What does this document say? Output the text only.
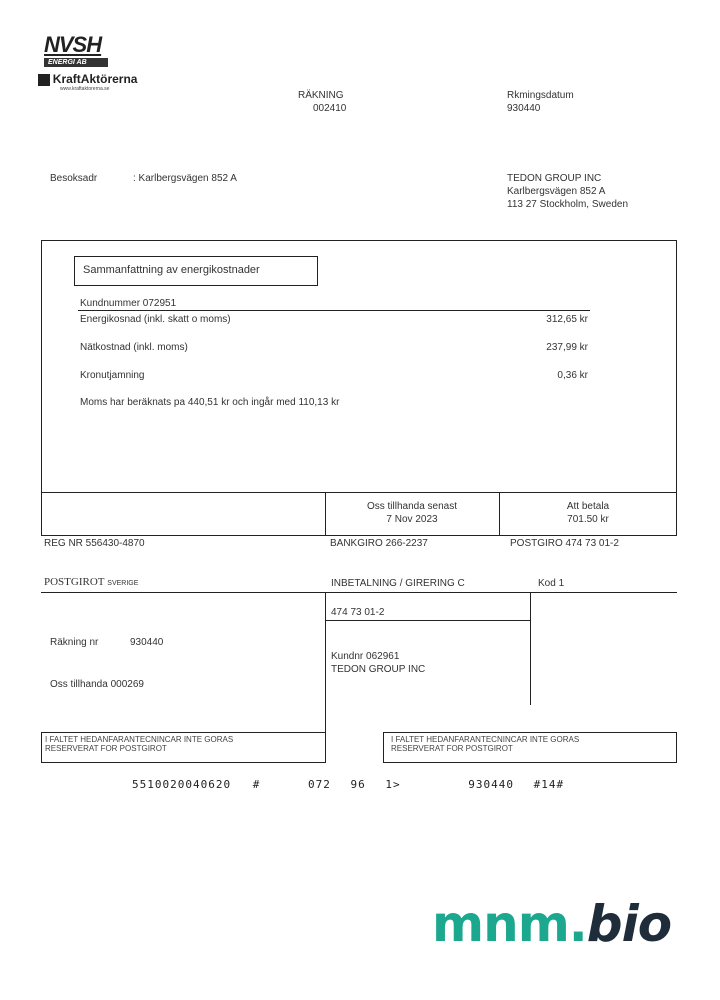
NVSH
ENERGI AB
KraftAktörerna
www.kraftaktorerna.se
RÄKNING
002410
Rkmingsdatum
930440
Besoksadr	: Karlbergsvägen 852 A	TEDON GROUP INC
Karlbergsvägen 852 A
113 27 Stockholm, Sweden
Sammanfattning av energikostnader
Kundnummer 072951
Energikosnad (inkl. skatt o moms)	312,65 kr
Nätkostnad (inkl. moms)	237,99 kr
Kronutjamning	0,36 kr
Moms har beräknats pa 440,51 kr och ingår med 110,13 kr
Oss tillhanda senast
7 Nov 2023
Att betala
701.50 kr
REG NR 556430-4870	BANKGIRO 266-2237	POSTGIRO 474 73 01-2
POSTGIROT SVERIGE	INBETALNING / GIRERING C	Kod 1
474 73 01-2
Räkning nr	930440
Oss tillhanda 000269
Kundnr 062961
TEDON GROUP INC
I FALTET HEDANFARANTECNINCAR INTE GORAS
RESERVERAT FOR POSTGIROT
I FALTET HEDANFARANTECNINCAR INTE GORAS
RESERVERAT FOR POSTGIROT
5510020040620 #	072 96 1>	930440 #14#
mnm.bio
